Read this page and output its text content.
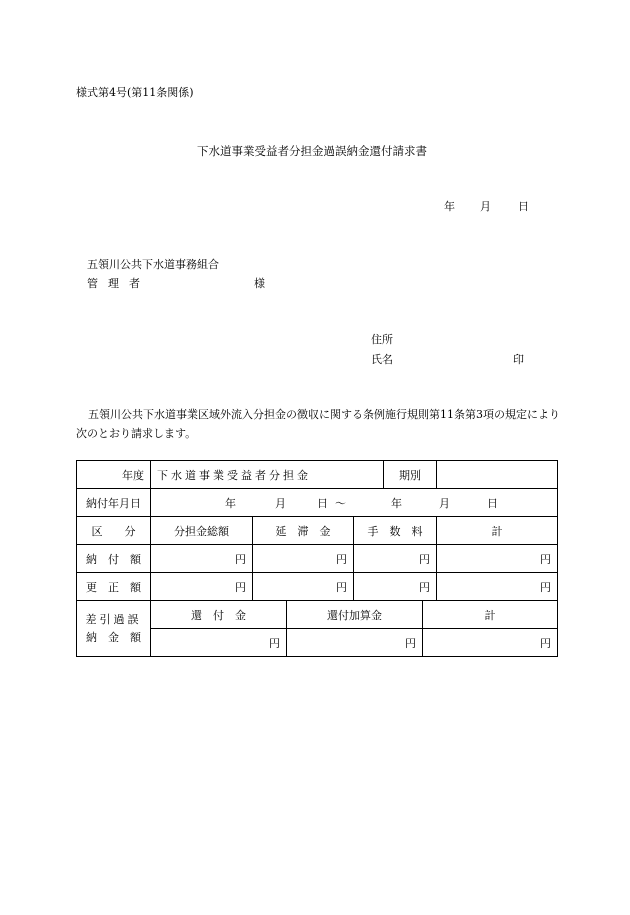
様式第4号(第11条関係)
下水道事業受益者分担金過誤納金還付請求書
年 月 日
五領川公共下水道事務組合
管理者	様
住所
氏名	印
五領川公共下水道事業区域外流入分担金の徴収に関する条例施行規則第11条第3項の規定により次のとおり請求します。
年度	下水道事業受益者分担金			期別	
納付年月日	年 月 日 ～ 年 月 日				
区　　分	分担金総額	延　滞　金	手　数　料		計
納　付　額	円	円	円		円
更　正　額	円	円	円		円
差引過誤
納　金　額	還　付　金	還付加算金	計
	円	円	円
